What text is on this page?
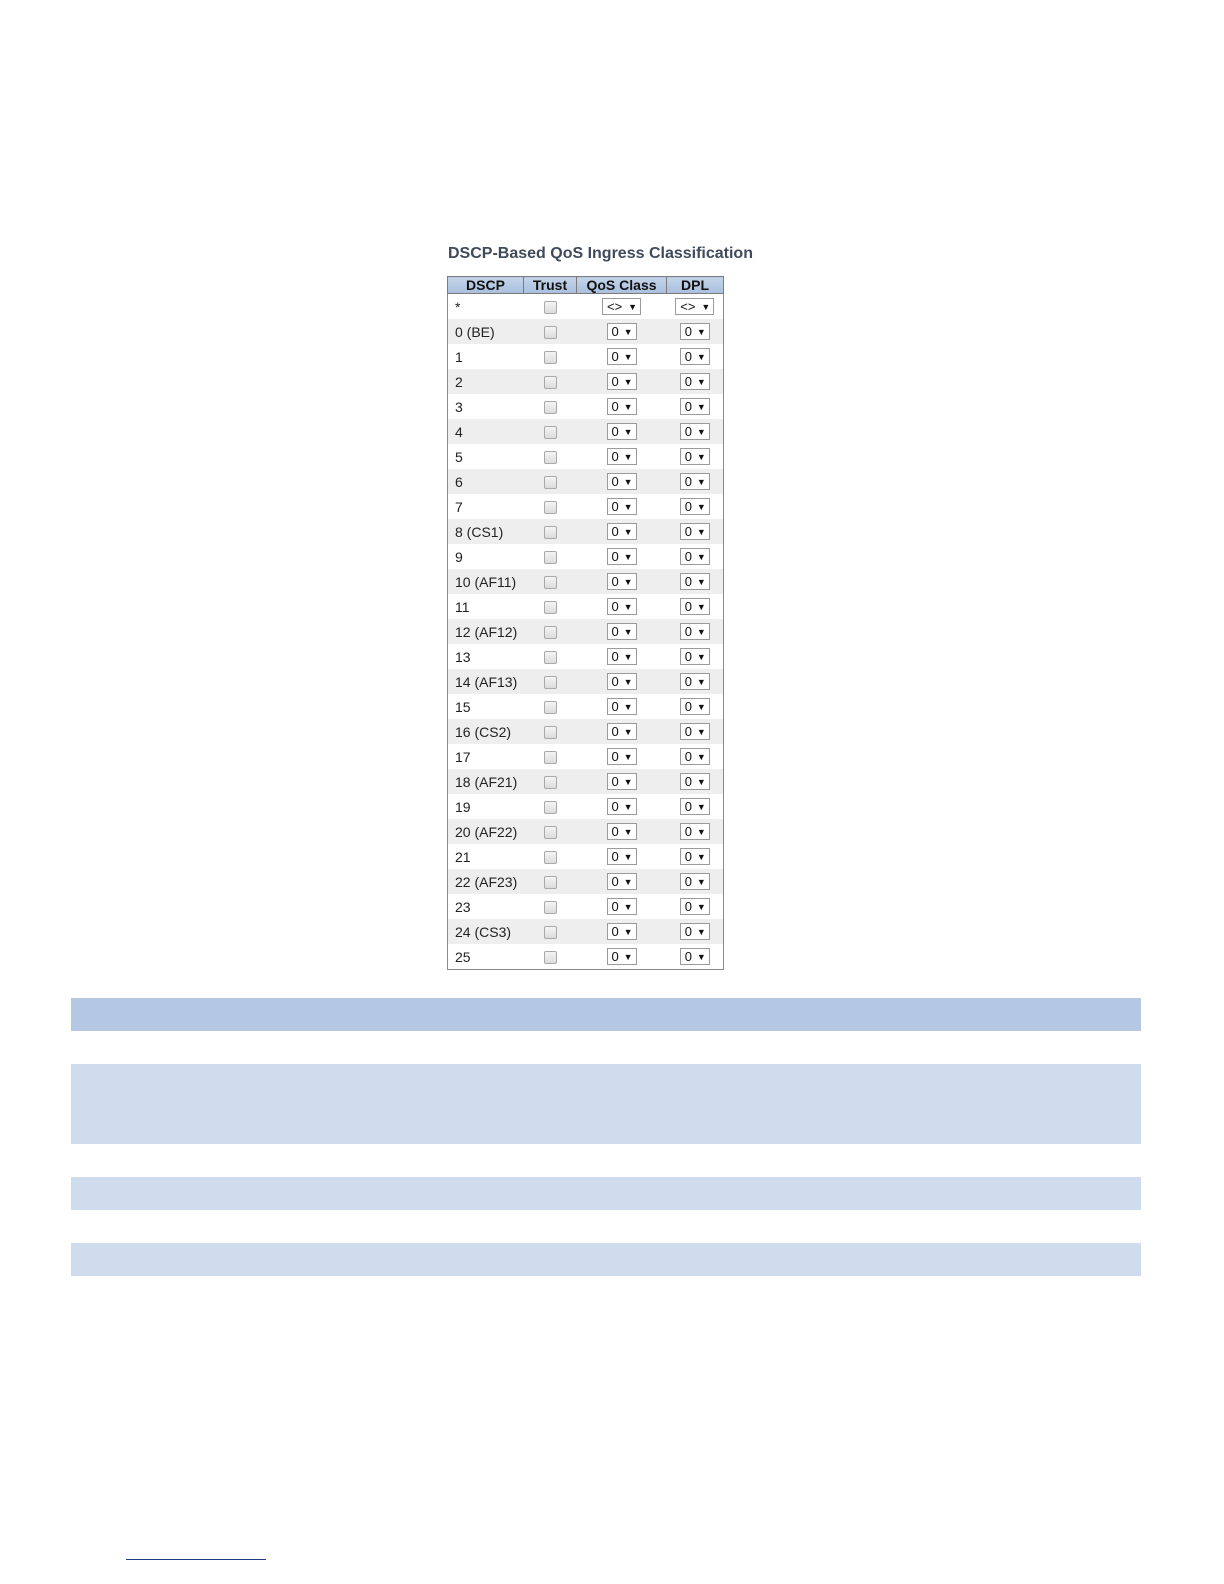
DSCP-Based QoS Ingress Classification
DSCP	Trust	QoS Class	DPL
*		<> ▼	<> ▼

0 (BE)		0 ▼	0 ▼

1		0 ▼	0 ▼

2		0 ▼	0 ▼

3		0 ▼	0 ▼

4		0 ▼	0 ▼

5		0 ▼	0 ▼

6		0 ▼	0 ▼

7		0 ▼	0 ▼

8 (CS1)		0 ▼	0 ▼

9		0 ▼	0 ▼

10 (AF11)		0 ▼	0 ▼

11		0 ▼	0 ▼

12 (AF12)		0 ▼	0 ▼

13		0 ▼	0 ▼

14 (AF13)		0 ▼	0 ▼

15		0 ▼	0 ▼

16 (CS2)		0 ▼	0 ▼

17		0 ▼	0 ▼

18 (AF21)		0 ▼	0 ▼

19		0 ▼	0 ▼

20 (AF22)		0 ▼	0 ▼

21		0 ▼	0 ▼

22 (AF23)		0 ▼	0 ▼

23		0 ▼	0 ▼

24 (CS3)		0 ▼	0 ▼

25		0 ▼	0 ▼
